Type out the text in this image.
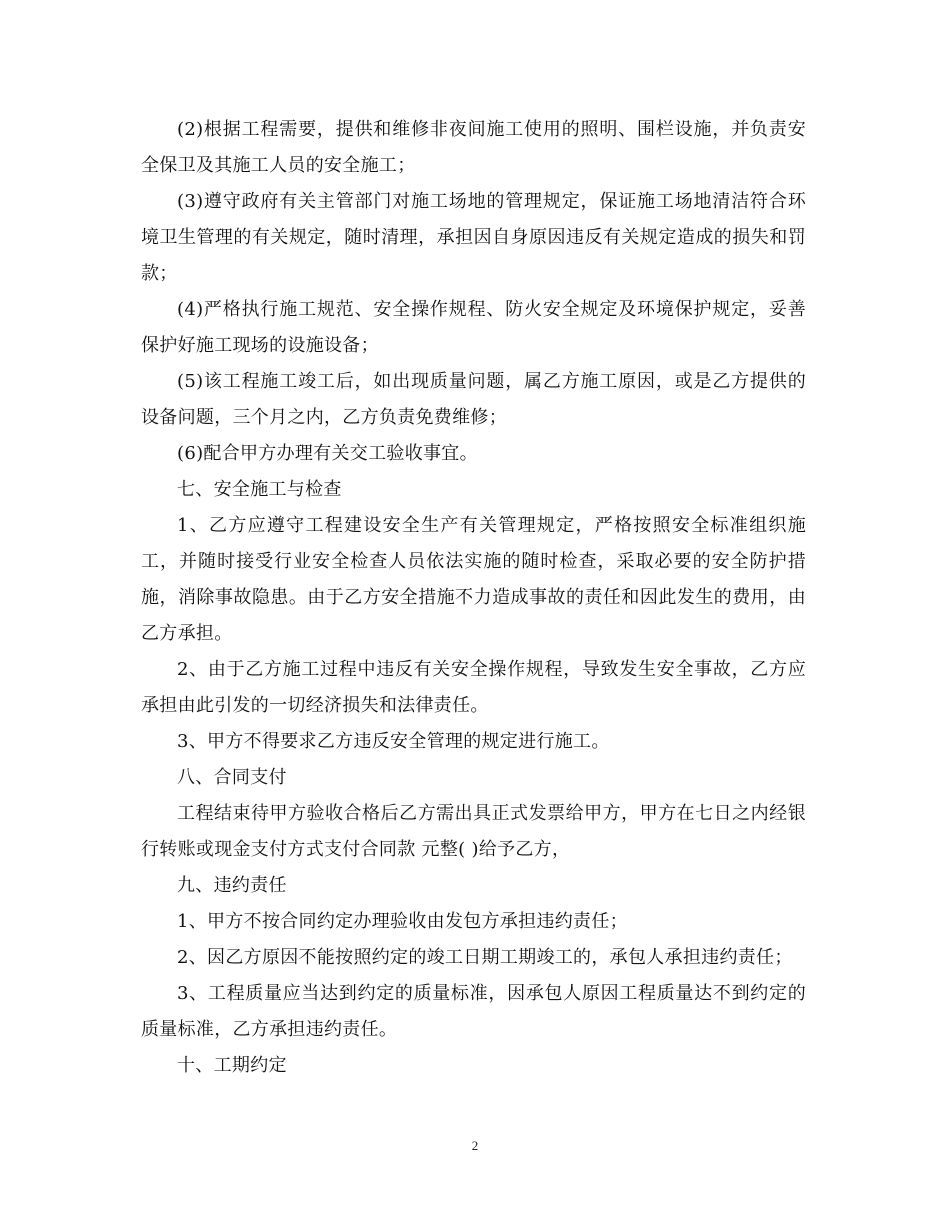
(2)根据工程需要，提供和维修非夜间施工使用的照明、围栏设施，并负责安全保卫及其施工人员的安全施工；

(3)遵守政府有关主管部门对施工场地的管理规定，保证施工场地清洁符合环境卫生管理的有关规定，随时清理，承担因自身原因违反有关规定造成的损失和罚款；

(4)严格执行施工规范、安全操作规程、防火安全规定及环境保护规定，妥善保护好施工现场的设施设备；

(5)该工程施工竣工后，如出现质量问题，属乙方施工原因，或是乙方提供的设备问题，三个月之内，乙方负责免费维修；

(6)配合甲方办理有关交工验收事宜。

七、安全施工与检查

1、乙方应遵守工程建设安全生产有关管理规定，严格按照安全标准组织施工，并随时接受行业安全检查人员依法实施的随时检查，采取必要的安全防护措施，消除事故隐患。由于乙方安全措施不力造成事故的责任和因此发生的费用，由乙方承担。

2、由于乙方施工过程中违反有关安全操作规程，导致发生安全事故，乙方应承担由此引发的一切经济损失和法律责任。

3、甲方不得要求乙方违反安全管理的规定进行施工。

八、合同支付

工程结束待甲方验收合格后乙方需出具正式发票给甲方，甲方在七日之内经银行转账或现金支付方式支付合同款 元整( )给予乙方，

九、违约责任

1、甲方不按合同约定办理验收由发包方承担违约责任；

2、因乙方原因不能按照约定的竣工日期工期竣工的，承包人承担违约责任；

3、工程质量应当达到约定的质量标准，因承包人原因工程质量达不到约定的质量标准，乙方承担违约责任。

十、工期约定

2
